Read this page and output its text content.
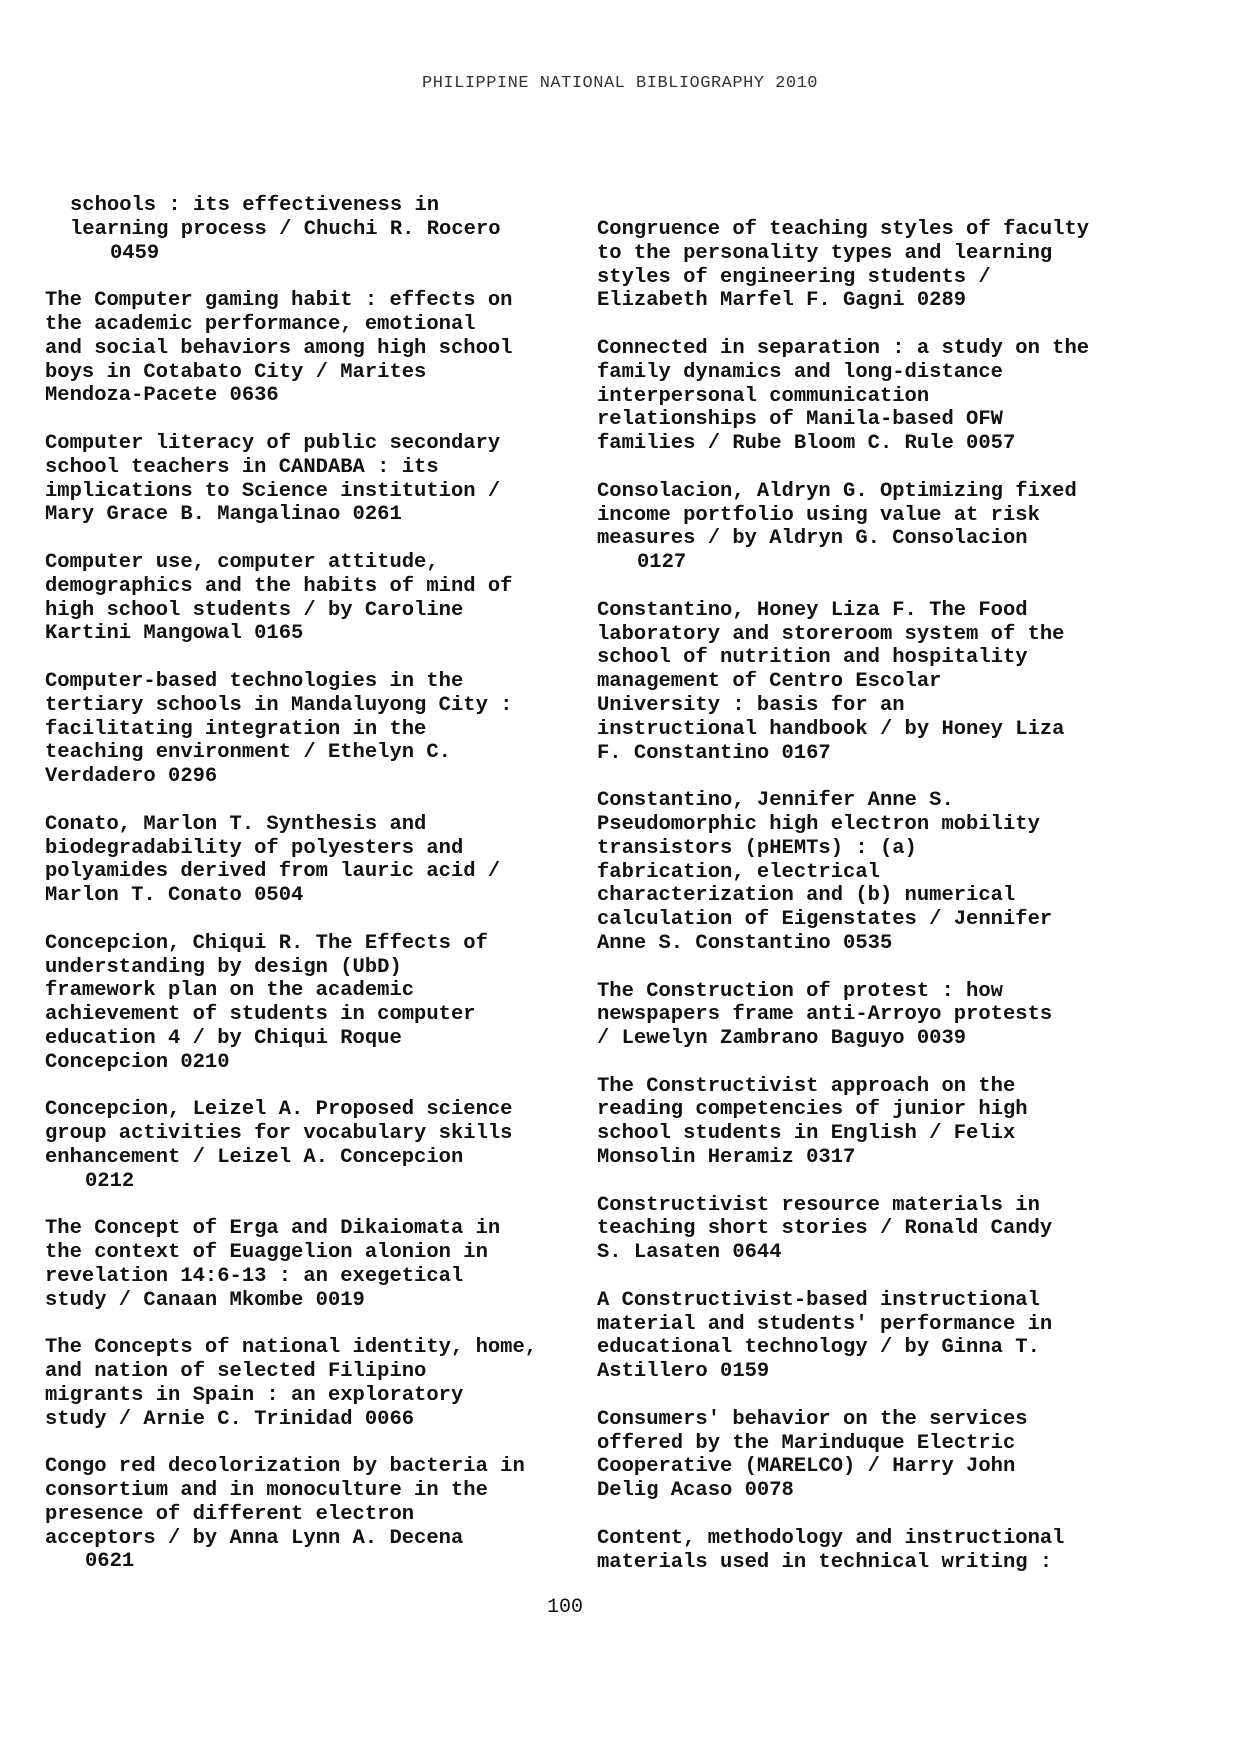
PHILIPPINE NATIONAL BIBLIOGRAPHY 2010
schools : its effectiveness in
learning process / Chuchi R. Rocero
0459
The Computer gaming habit : effects on
the academic performance, emotional
and social behaviors among high school
boys in Cotabato City / Marites
Mendoza-Pacete 0636
Computer literacy of public secondary
school teachers in CANDABA : its
implications to Science institution /
Mary Grace B. Mangalinao 0261
Computer use, computer attitude,
demographics and the habits of mind of
high school students / by Caroline
Kartini Mangowal 0165
Computer-based technologies in the
tertiary schools in Mandaluyong City :
facilitating integration in the
teaching environment / Ethelyn C.
Verdadero 0296
Conato, Marlon T. Synthesis and
biodegradability of polyesters and
polyamides derived from lauric acid /
Marlon T. Conato 0504
Concepcion, Chiqui R. The Effects of
understanding by design (UbD)
framework plan on the academic
achievement of students in computer
education 4 / by Chiqui Roque
Concepcion 0210
Concepcion, Leizel A. Proposed science
group activities for vocabulary skills
enhancement / Leizel A. Concepcion
0212
The Concept of Erga and Dikaiomata in
the context of Euaggelion alonion in
revelation 14:6-13 : an exegetical
study / Canaan Mkombe 0019
The Concepts of national identity, home,
and nation of selected Filipino
migrants in Spain : an exploratory
study / Arnie C. Trinidad 0066
Congo red decolorization by bacteria in
consortium and in monoculture in the
presence of different electron
acceptors / by Anna Lynn A. Decena
0621
Congruence of teaching styles of faculty
to the personality types and learning
styles of engineering students /
Elizabeth Marfel F. Gagni 0289
Connected in separation : a study on the
family dynamics and long-distance
interpersonal communication
relationships of Manila-based OFW
families / Rube Bloom C. Rule 0057
Consolacion, Aldryn G. Optimizing fixed
income portfolio using value at risk
measures / by Aldryn G. Consolacion
0127
Constantino, Honey Liza F. The Food
laboratory and storeroom system of the
school of nutrition and hospitality
management of Centro Escolar
University : basis for an
instructional handbook / by Honey Liza
F. Constantino 0167
Constantino, Jennifer Anne S.
Pseudomorphic high electron mobility
transistors (pHEMTs) : (a)
fabrication, electrical
characterization and (b) numerical
calculation of Eigenstates / Jennifer
Anne S. Constantino 0535
The Construction of protest : how
newspapers frame anti-Arroyo protests
/ Lewelyn Zambrano Baguyo 0039
The Constructivist approach on the
reading competencies of junior high
school students in English / Felix
Monsolin Heramiz 0317
Constructivist resource materials in
teaching short stories / Ronald Candy
S. Lasaten 0644
A Constructivist-based instructional
material and students' performance in
educational technology / by Ginna T.
Astillero 0159
Consumers' behavior on the services
offered by the Marinduque Electric
Cooperative (MARELCO) / Harry John
Delig Acaso 0078
Content, methodology and instructional
materials used in technical writing :
100
